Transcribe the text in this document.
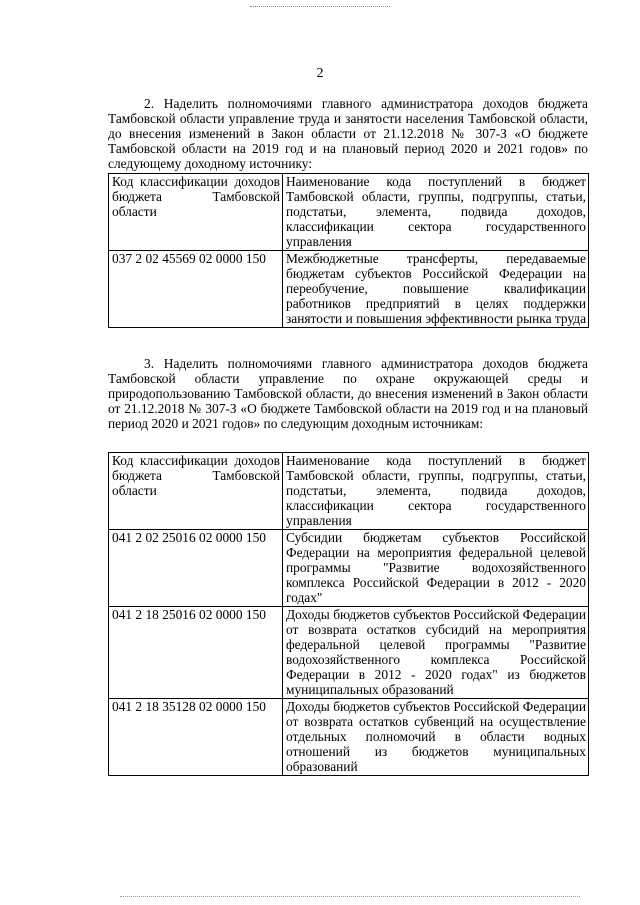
2

2. Наделить полномочиями главного администратора доходов бюджета Тамбовской области управление труда и занятости населения Тамбовской области, до внесения изменений в Закон области от 21.12.2018 № 307-З «О бюджете Тамбовской области на 2019 год и на плановый период 2020 и 2021 годов» по следующему доходному источнику:

Код классификации доходов бюджета Тамбовской области	Наименование кода поступлений в бюджет Тамбовской области, группы, подгруппы, статьи, подстатьи, элемента, подвида доходов, классификации сектора государственного управления
037 2 02 45569 02 0000 150	Межбюджетные трансферты, передаваемые бюджетам субъектов Российской Федерации на переобучение, повышение квалификации работников предприятий в целях поддержки занятости и повышения эффективности рынка труда

3. Наделить полномочиями главного администратора доходов бюджета Тамбовской области управление по охране окружающей среды и природопользованию Тамбовской области, до внесения изменений в Закон области от 21.12.2018 № 307-З «О бюджете Тамбовской области на 2019 год и на плановый период 2020 и 2021 годов» по следующим доходным источникам:

Код классификации доходов бюджета Тамбовской области	Наименование кода поступлений в бюджет Тамбовской области, группы, подгруппы, статьи, подстатьи, элемента, подвида доходов, классификации сектора государственного управления
041 2 02 25016 02 0000 150	Субсидии бюджетам субъектов Российской Федерации на мероприятия федеральной целевой программы "Развитие водохозяйственного комплекса Российской Федерации в 2012 - 2020 годах"
041 2 18 25016 02 0000 150	Доходы бюджетов субъектов Российской Федерации от возврата остатков субсидий на мероприятия федеральной целевой программы "Развитие водохозяйственного комплекса Российской Федерации в 2012 - 2020 годах" из бюджетов муниципальных образований
041 2 18 35128 02 0000 150	Доходы бюджетов субъектов Российской Федерации от возврата остатков субвенций на осуществление отдельных полномочий в области водных отношений из бюджетов муниципальных образований
